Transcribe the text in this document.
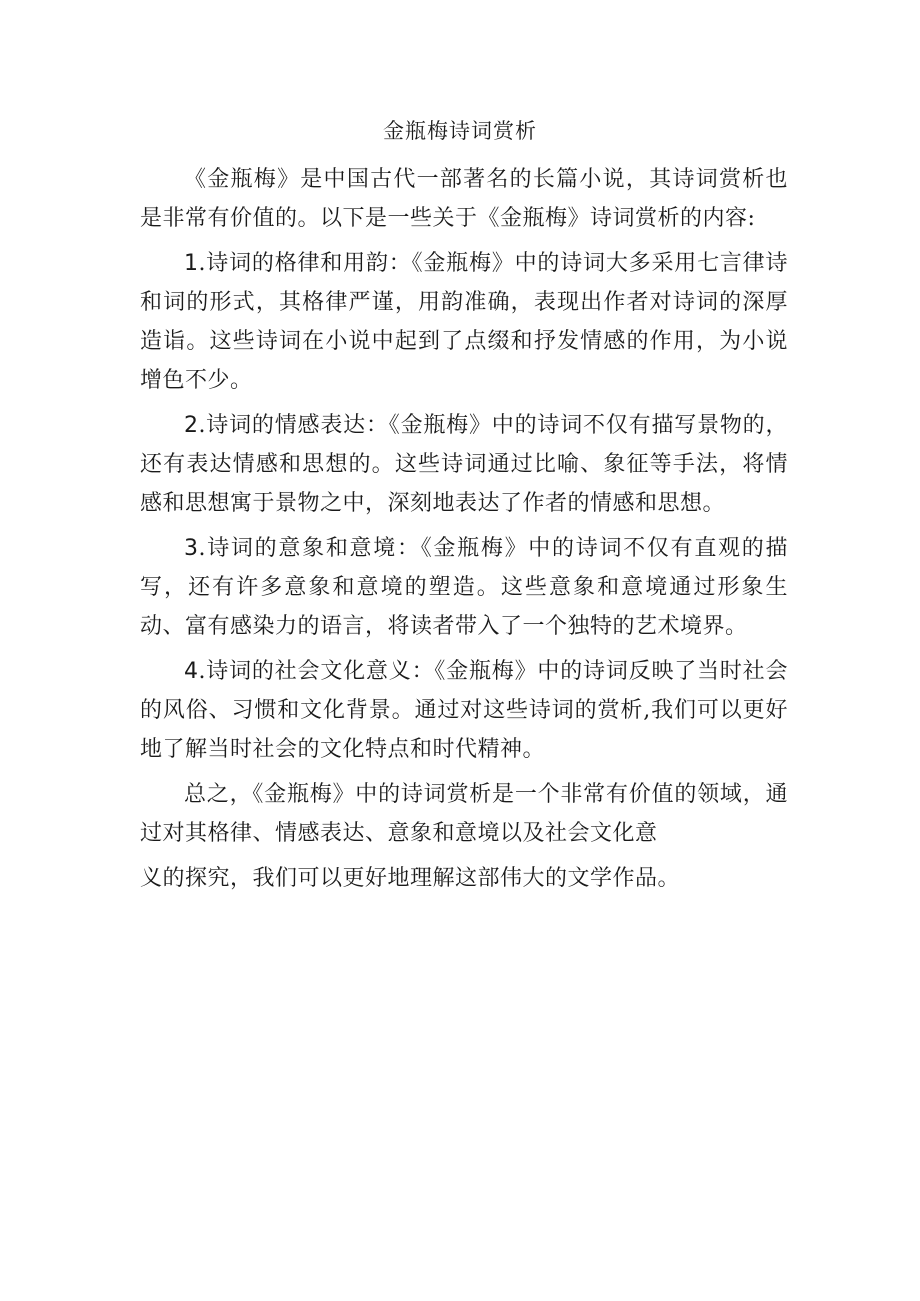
金瓶梅诗词赏析

《金瓶梅》是中国古代一部著名的长篇小说，其诗词赏析也是非常有价值的。以下是一些关于《金瓶梅》诗词赏析的内容:

1.诗词的格律和用韵：《金瓶梅》中的诗词大多采用七言律诗和词的形式，其格律严谨，用韵准确，表现出作者对诗词的深厚造诣。这些诗词在小说中起到了点缀和抒发情感的作用，为小说增色不少。

2.诗词的情感表达：《金瓶梅》中的诗词不仅有描写景物的，还有表达情感和思想的。这些诗词通过比喻、象征等手法，将情感和思想寓于景物之中，深刻地表达了作者的情感和思想。

3.诗词的意象和意境：《金瓶梅》中的诗词不仅有直观的描写，还有许多意象和意境的塑造。这些意象和意境通过形象生动、富有感染力的语言，将读者带入了一个独特的艺术境界。

4.诗词的社会文化意义：《金瓶梅》中的诗词反映了当时社会的风俗、习惯和文化背景。通过对这些诗词的赏析,我们可以更好地了解当时社会的文化特点和时代精神。

总之，《金瓶梅》中的诗词赏析是一个非常有价值的领域，通过对其格律、情感表达、意象和意境以及社会文化意

义的探究，我们可以更好地理解这部伟大的文学作品。
